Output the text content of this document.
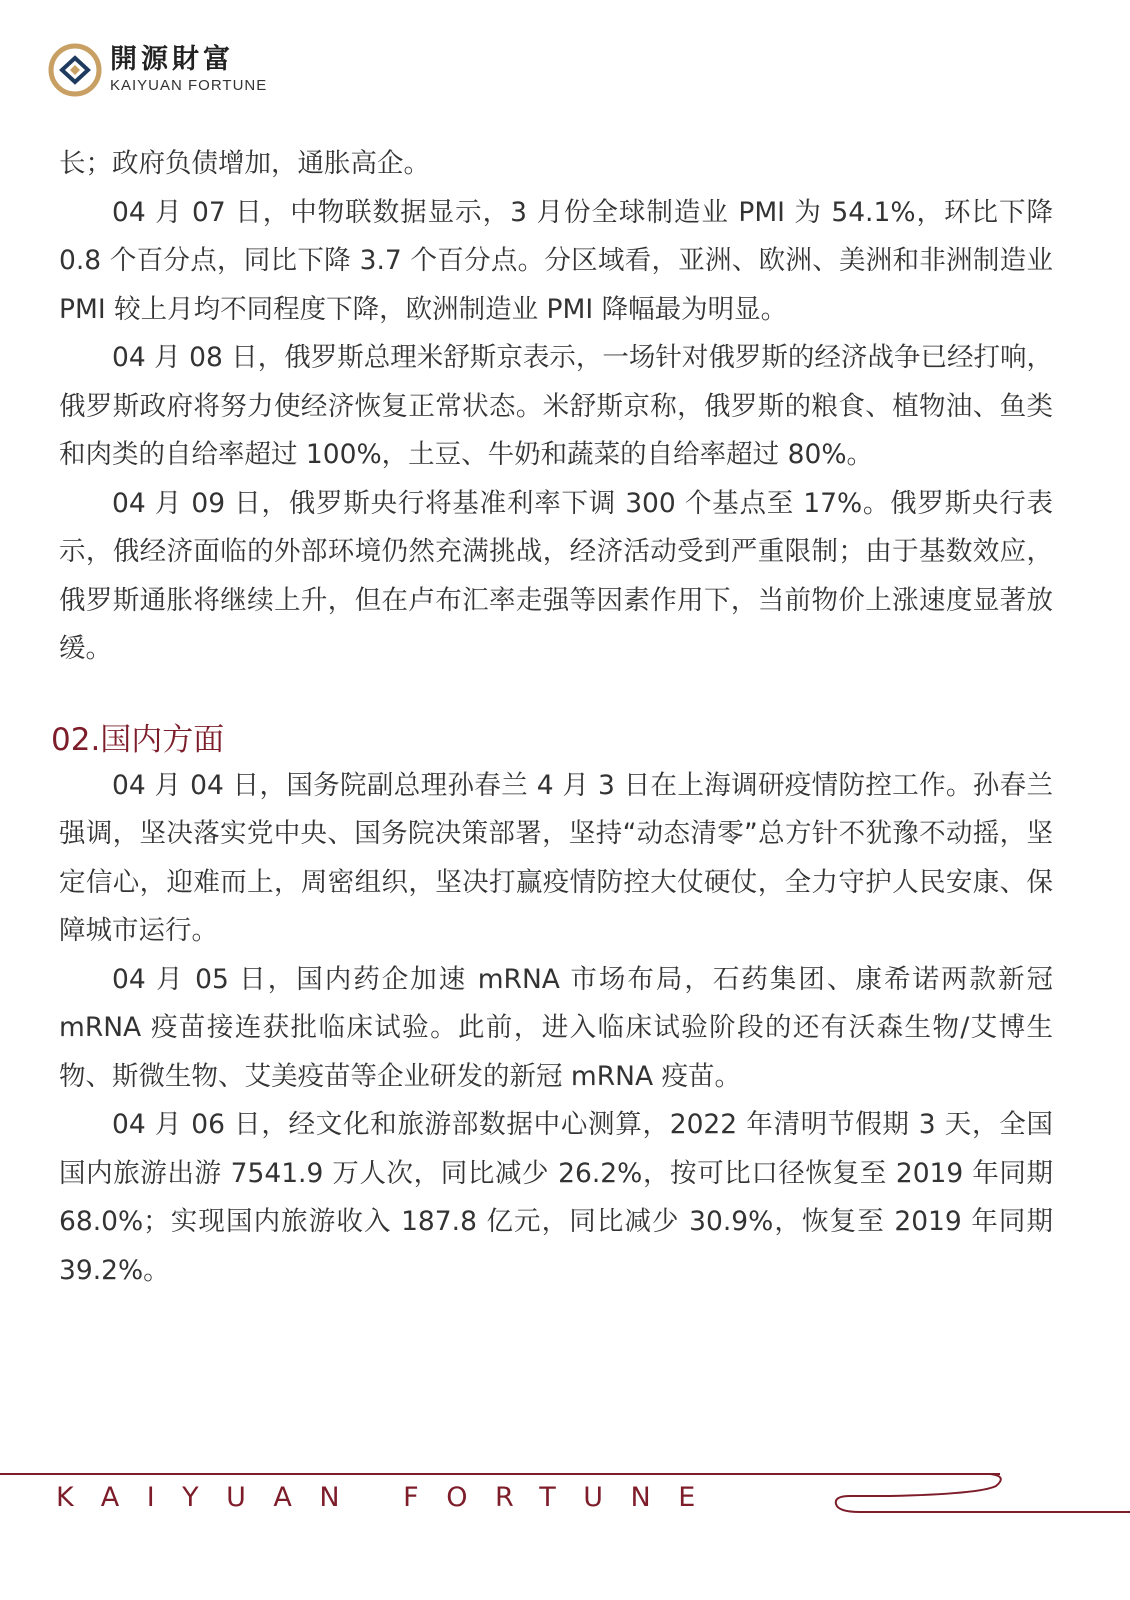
開源財富
KAIYUAN FORTUNE

长；政府负债增加，通胀高企。

04 月 07 日，中物联数据显示，3 月份全球制造业 PMI 为 54.1%，环比下降 0.8 个百分点，同比下降 3.7 个百分点。分区域看，亚洲、欧洲、美洲和非洲制造业 PMI 较上月均不同程度下降，欧洲制造业 PMI 降幅最为明显。

04 月 08 日，俄罗斯总理米舒斯京表示，一场针对俄罗斯的经济战争已经打响，俄罗斯政府将努力使经济恢复正常状态。米舒斯京称，俄罗斯的粮食、植物油、鱼类和肉类的自给率超过 100%，土豆、牛奶和蔬菜的自给率超过 80%。

04 月 09 日，俄罗斯央行将基准利率下调 300 个基点至 17%。俄罗斯央行表示，俄经济面临的外部环境仍然充满挑战，经济活动受到严重限制；由于基数效应，俄罗斯通胀将继续上升，但在卢布汇率走强等因素作用下，当前物价上涨速度显著放缓。

02.国内方面

04 月 04 日，国务院副总理孙春兰 4 月 3 日在上海调研疫情防控工作。孙春兰强调，坚决落实党中央、国务院决策部署，坚持“动态清零”总方针不犹豫不动摇，坚定信心，迎难而上，周密组织，坚决打赢疫情防控大仗硬仗，全力守护人民安康、保障城市运行。

04 月 05 日，国内药企加速 mRNA 市场布局，石药集团、康希诺两款新冠 mRNA 疫苗接连获批临床试验。此前，进入临床试验阶段的还有沃森生物/艾博生物、斯微生物、艾美疫苗等企业研发的新冠 mRNA 疫苗。

04 月 06 日，经文化和旅游部数据中心测算，2022 年清明节假期 3 天，全国国内旅游出游 7541.9 万人次，同比减少 26.2%，按可比口径恢复至 2019 年同期 68.0%；实现国内旅游收入 187.8 亿元，同比减少 30.9%，恢复至 2019 年同期 39.2%。

KAIYUAN FORTUNE
